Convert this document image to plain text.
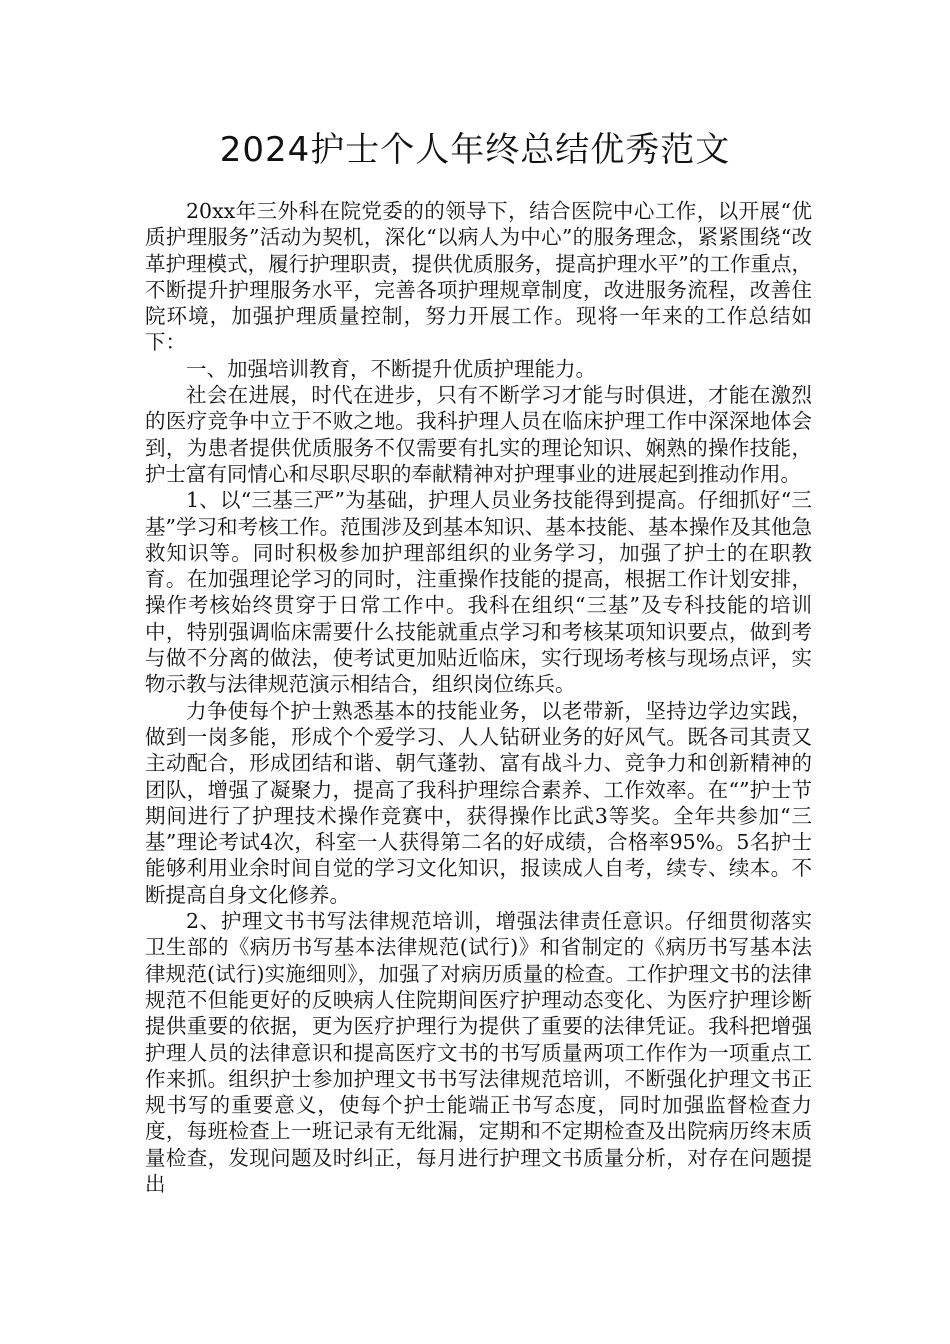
2024护士个人年终总结优秀范文

20xx年三外科在院党委的的领导下，结合医院中心工作，以开展“优质护理服务”活动为契机，深化“以病人为中心”的服务理念，紧紧围绕“改革护理模式，履行护理职责，提供优质服务，提高护理水平”的工作重点，不断提升护理服务水平，完善各项护理规章制度，改进服务流程，改善住院环境，加强护理质量控制，努力开展工作。现将一年来的工作总结如下：

一、加强培训教育，不断提升优质护理能力。

社会在进展，时代在进步，只有不断学习才能与时俱进，才能在激烈的医疗竞争中立于不败之地。我科护理人员在临床护理工作中深深地体会到，为患者提供优质服务不仅需要有扎实的理论知识、娴熟的操作技能，护士富有同情心和尽职尽职的奉献精神对护理事业的进展起到推动作用。

1、以“三基三严”为基础，护理人员业务技能得到提高。仔细抓好“三基”学习和考核工作。范围涉及到基本知识、基本技能、基本操作及其他急救知识等。同时积极参加护理部组织的业务学习，加强了护士的在职教育。在加强理论学习的同时，注重操作技能的提高，根据工作计划安排，操作考核始终贯穿于日常工作中。我科在组织“三基”及专科技能的培训中，特别强调临床需要什么技能就重点学习和考核某项知识要点，做到考与做不分离的做法，使考试更加贴近临床，实行现场考核与现场点评，实物示教与法律规范演示相结合，组织岗位练兵。

力争使每个护士熟悉基本的技能业务，以老带新，坚持边学边实践，做到一岗多能，形成个个爱学习、人人钻研业务的好风气。既各司其责又主动配合，形成团结和谐、朝气蓬勃、富有战斗力、竞争力和创新精神的团队，增强了凝聚力，提高了我科护理综合素养、工作效率。在“”护士节期间进行了护理技术操作竞赛中，获得操作比武3等奖。全年共参加“三基”理论考试4次，科室一人获得第二名的好成绩，合格率95%。5名护士能够利用业余时间自觉的学习文化知识，报读成人自考，续专、续本。不断提高自身文化修养。

2、护理文书书写法律规范培训，增强法律责任意识。仔细贯彻落实卫生部的《病历书写基本法律规范(试行)》和省制定的《病历书写基本法律规范(试行)实施细则》，加强了对病历质量的检查。工作护理文书的法律规范不但能更好的反映病人住院期间医疗护理动态变化、为医疗护理诊断提供重要的依据，更为医疗护理行为提供了重要的法律凭证。我科把增强护理人员的法律意识和提高医疗文书的书写质量两项工作作为一项重点工作来抓。组织护士参加护理文书书写法律规范培训，不断强化护理文书正规书写的重要意义，使每个护士能端正书写态度，同时加强监督检查力度，每班检查上一班记录有无纰漏，定期和不定期检查及出院病历终末质量检查，发现问题及时纠正，每月进行护理文书质量分析，对存在问题提出
